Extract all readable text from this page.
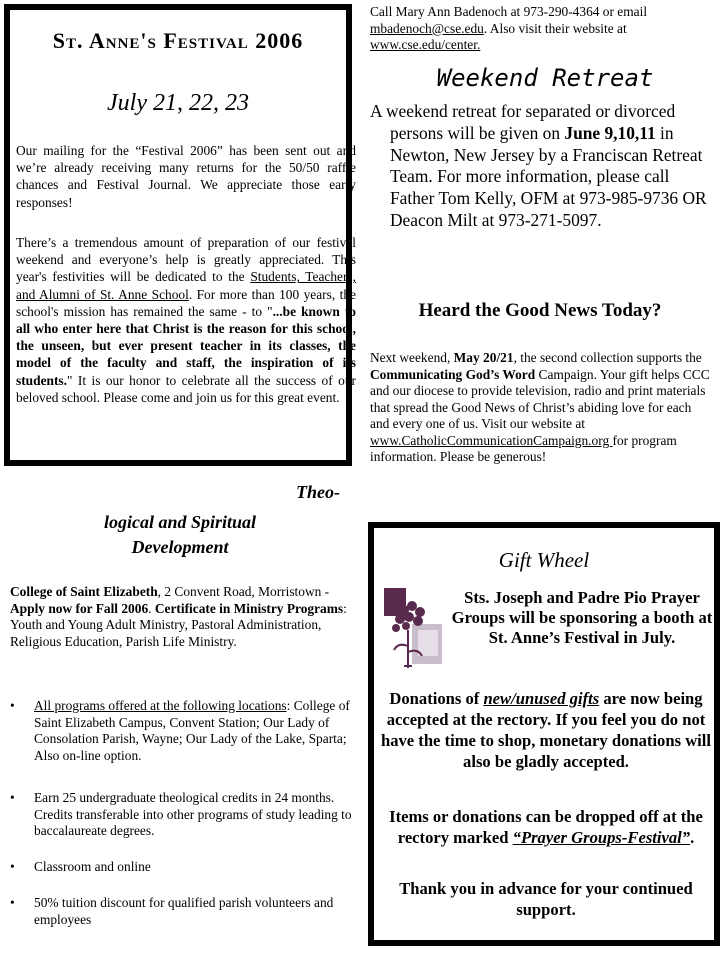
St. Anne's Festival 2006
July 21, 22, 23

Our mailing for the “Festival 2006” has been sent out and we’re already receiving many returns for the 50/50 raffle chances and Festival Journal. We appreciate those early responses!

There’s a tremendous amount of preparation of our festival weekend and everyone’s help is greatly appreciated. This year's festivities will be dedicated to the Students, Teachers, and Alumni of St. Anne School. For more than 100 years, the school's mission has remained the same - to "...be known to all who enter here that Christ is the reason for this school, the unseen, but ever present teacher in its classes, the model of the faculty and staff, the inspiration of its students." It is our honor to celebrate all the success of our beloved school. Please come and join us for this great event.

Theo-
logical and Spiritual Development

College of Saint Elizabeth, 2 Convent Road, Morristown - Apply now for Fall 2006. Certificate in Ministry Programs: Youth and Young Adult Ministry, Pastoral Administration, Religious Education, Parish Life Ministry.

• All programs offered at the following locations: College of Saint Elizabeth Campus, Convent Station; Our Lady of Consolation Parish, Wayne; Our Lady of the Lake, Sparta; Also on-line option.
• Earn 25 undergraduate theological credits in 24 months. Credits transferable into other programs of study leading to baccalaureate degrees.
• Classroom and online
• 50% tuition discount for qualified parish volunteers and employees

Call Mary Ann Badenoch at 973-290-4364 or email mbadenoch@cse.edu. Also visit their website at www.cse.edu/center.

Weekend Retreat

A weekend retreat for separated or divorced persons will be given on June 9,10,11 in Newton, New Jersey by a Franciscan Retreat Team. For more information, please call Father Tom Kelly, OFM at 973-985-9736 OR Deacon Milt at 973-271-5097.

Heard the Good News Today?

Next weekend, May 20/21, the second collection supports the Communicating God’s Word Campaign. Your gift helps CCC and our diocese to provide television, radio and print materials that spread the Good News of Christ’s abiding love for each and every one of us. Visit our website at www.CatholicCommunicationCampaign.org for program information. Please be generous!

Gift Wheel
Sts. Joseph and Padre Pio Prayer Groups will be sponsoring a booth at St. Anne’s Festival in July.
Donations of new/unused gifts are now being accepted at the rectory. If you feel you do not have the time to shop, monetary donations will also be gladly accepted.
Items or donations can be dropped off at the rectory marked “Prayer Groups-Festival”.
Thank you in advance for your continued support.
